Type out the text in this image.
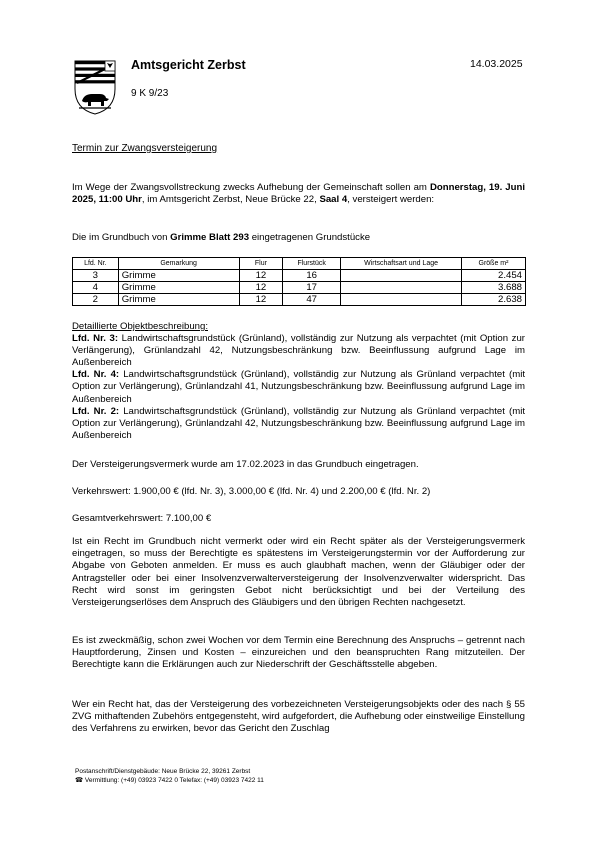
Amtsgericht Zerbst	14.03.2025
9 K 9/23
Termin zur Zwangsversteigerung
Im Wege der Zwangsvollstreckung zwecks Aufhebung der Gemeinschaft sollen am Donnerstag, 19. Juni 2025, 11:00 Uhr, im Amtsgericht Zerbst, Neue Brücke 22, Saal 4, versteigert werden:
Die im Grundbuch von Grimme Blatt 293 eingetragenen Grundstücke
Lfd. Nr.	Gemarkung	Flur	Flurstück	Wirtschaftsart und Lage	Größe m²
3	Grimme	12	16		2.454
4	Grimme	12	17		3.688
2	Grimme	12	47		2.638
Detaillierte Objektbeschreibung:
Lfd. Nr. 3: Landwirtschaftsgrundstück (Grünland), vollständig zur Nutzung als verpachtet (mit Option zur Verlängerung), Grünlandzahl 42, Nutzungsbeschränkung bzw. Beeinflussung aufgrund Lage im Außenbereich
Lfd. Nr. 4: Landwirtschaftsgrundstück (Grünland), vollständig zur Nutzung als Grünland verpachtet (mit Option zur Verlängerung), Grünlandzahl 41, Nutzungsbeschränkung bzw. Beeinflussung aufgrund Lage im Außenbereich
Lfd. Nr. 2: Landwirtschaftsgrundstück (Grünland), vollständig zur Nutzung als Grünland verpachtet (mit Option zur Verlängerung), Grünlandzahl 42, Nutzungsbeschränkung bzw. Beeinflussung aufgrund Lage im Außenbereich
Der Versteigerungsvermerk wurde am 17.02.2023 in das Grundbuch eingetragen.
Verkehrswert: 1.900,00 € (lfd. Nr. 3), 3.000,00 € (lfd. Nr. 4) und 2.200,00 € (lfd. Nr. 2)
Gesamtverkehrswert: 7.100,00 €
Ist ein Recht im Grundbuch nicht vermerkt oder wird ein Recht später als der Versteigerungsvermerk eingetragen, so muss der Berechtigte es spätestens im Versteigerungstermin vor der Aufforderung zur Abgabe von Geboten anmelden. Er muss es auch glaubhaft machen, wenn der Gläubiger oder der Antragsteller oder bei einer Insolvenzverwalterversteigerung der Insolvenzverwalter widerspricht. Das Recht wird sonst im geringsten Gebot nicht berücksichtigt und bei der Verteilung des Versteigerungserlöses dem Anspruch des Gläubigers und den übrigen Rechten nachgesetzt.
Es ist zweckmäßig, schon zwei Wochen vor dem Termin eine Berechnung des Anspruchs – getrennt nach Hauptforderung, Zinsen und Kosten – einzureichen und den beanspruchten Rang mitzuteilen. Der Berechtigte kann die Erklärungen auch zur Niederschrift der Geschäftsstelle abgeben.
Wer ein Recht hat, das der Versteigerung des vorbezeichneten Versteigerungsobjekts oder des nach § 55 ZVG mithaftenden Zubehörs entgegensteht, wird aufgefordert, die Aufhebung oder einstweilige Einstellung des Verfahrens zu erwirken, bevor das Gericht den Zuschlag
Postanschrift/Dienstgebäude: Neue Brücke 22, 39261 Zerbst
☎ Vermittlung: (+49) 03923 7422 0 Telefax: (+49) 03923 7422 11
